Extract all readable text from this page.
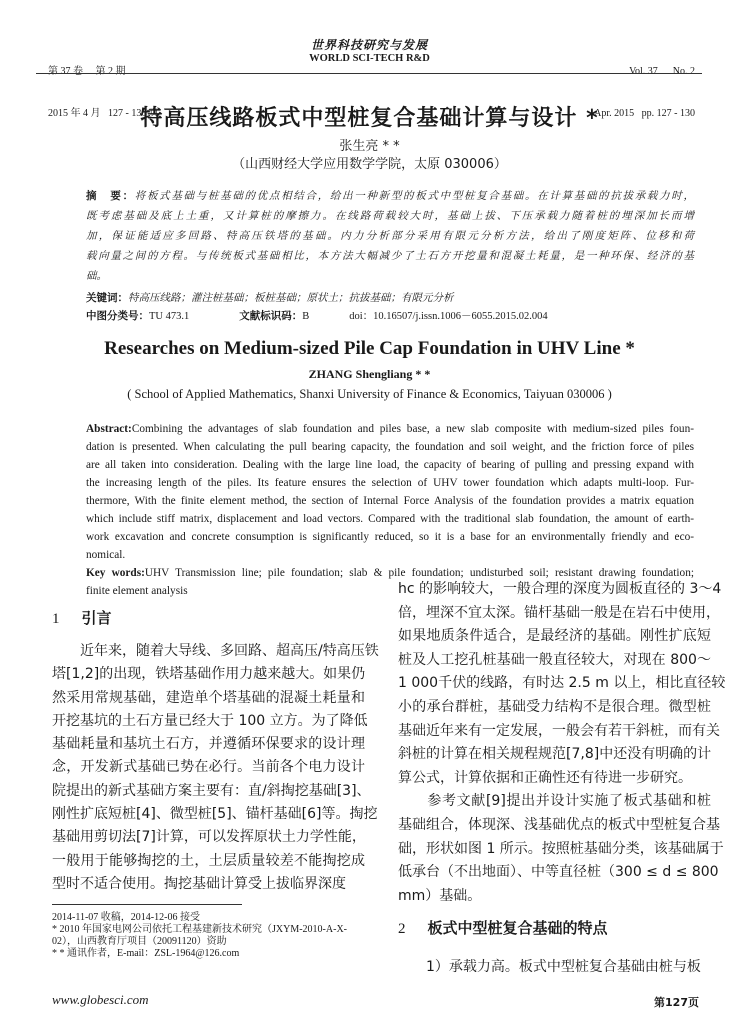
第 37 卷     第 2 期

2015 年 4 月   127 - 130 页

世界科技研究与发展
WORLD SCI-TECH R&D

Vol. 37      No. 2

Apr. 2015   pp. 127 - 130

特高压线路板式中型桩复合基础计算与设计 *
张生亮 * *
（山西财经大学应用数学学院，太原 030006）
摘　要：将板式基础与桩基础的优点相结合，给出一种新型的板式中型桩复合基础。在计算基础的抗拔承载力时，
既考虑基础及底上土重，又计算桩的摩擦力。在线路荷载较大时，基础上拔、下压承载力随着桩的埋深加长而增
加，保证能适应多回路、特高压铁塔的基础。内力分析部分采用有限元分析方法，给出了刚度矩阵、位移和荷
载向量之间的方程。与传统板式基础相比，本方法大幅减少了土石方开挖量和混凝土耗量，是一种环保、经济的基
础。
关键词：特高压线路；灌注桩基础；板桩基础；原状土；抗拔基础；有限元分析
中图分类号：TU 473.1	文献标识码：B	doi：10.16507/j.issn.1006－6055.2015.02.004
Researches on Medium-sized Pile Cap Foundation in UHV Line *
ZHANG Shengliang * *
( School of Applied Mathematics, Shanxi University of Finance & Economics, Taiyuan 030006 )
Abstract:Combining the advantages of slab foundation and piles base, a new slab composite with medium-sized piles foun-
dation is presented. When calculating the pull bearing capacity, the foundation and soil weight, and the friction force of piles
are all taken into consideration. Dealing with the large line load, the capacity of bearing of pulling and pressing expand with
the increasing length of the piles. Its feature ensures the selection of UHV tower foundation which adapts multi-loop. Fur-
thermore, With the finite element method, the section of Internal Force Analysis of the foundation provides a matrix equation
which include stiff matrix, displacement and load vectors. Compared with the traditional slab foundation, the amount of earth-
work excavation and concrete consumption is significantly reduced, so it is a base for an environmentally friendly and eco-
nomical.
Key words:UHV Transmission line; pile foundation; slab & pile foundation; undisturbed soil; resistant drawing foundation;
finite element analysis
1 引言
　　近年来，随着大导线、多回路、超高压/特高压铁
塔[1,2]的出现，铁塔基础作用力越来越大。如果仍
然采用常规基础，建造单个塔基础的混凝土耗量和
开挖基坑的土石方量已经大于 100 立方。为了降低
基础耗量和基坑土石方，并遵循环保要求的设计理
念，开发新式基础已势在必行。当前各个电力设计
院提出的新式基础方案主要有：直/斜掏挖基础[3]、
刚性扩底短桩[4]、微型桩[5]、锚杆基础[6]等。掏挖
基础用剪切法[7]计算，可以发挥原状土力学性能，
一般用于能够掏挖的土，土层质量较差不能掏挖成
型时不适合使用。掏挖基础计算受上拔临界深度
2014-11-07 收稿，2014-12-06 接受
* 2010 年国家电网公司依托工程基建新技术研究（JXYM-2010-A-X-
02），山西教育厅项目（20091120）资助
* * 通讯作者，E-mail：ZSL-1964@126.com
hc 的影响较大，一般合理的深度为圆板直径的 3～4
倍，埋深不宜太深。锚杆基础一般是在岩石中使用，
如果地质条件适合，是最经济的基础。刚性扩底短
桩及人工挖孔桩基础一般直径较大，对现在 800～
1 000千伏的线路，有时达 2.5 m 以上，相比直径较
小的承台群桩，基础受力结构不是很合理。微型桩
基础近年来有一定发展，一般会有若干斜桩，而有关
斜桩的计算在相关规程规范[7,8]中还没有明确的计
算公式，计算依据和正确性还有待进一步研究。
　　参考文献[9]提出并设计实施了板式基础和桩
基础组合，体现深、浅基础优点的板式中型桩复合基
础，形状如图 1 所示。按照桩基础分类，该基础属于
低承台（不出地面）、中等直径桩（300 ≤ d ≤ 800
mm）基础。
2 板式中型桩复合基础的特点
　　1）承载力高。板式中型桩复合基础由桩与板
www.globesci.com	第127页
